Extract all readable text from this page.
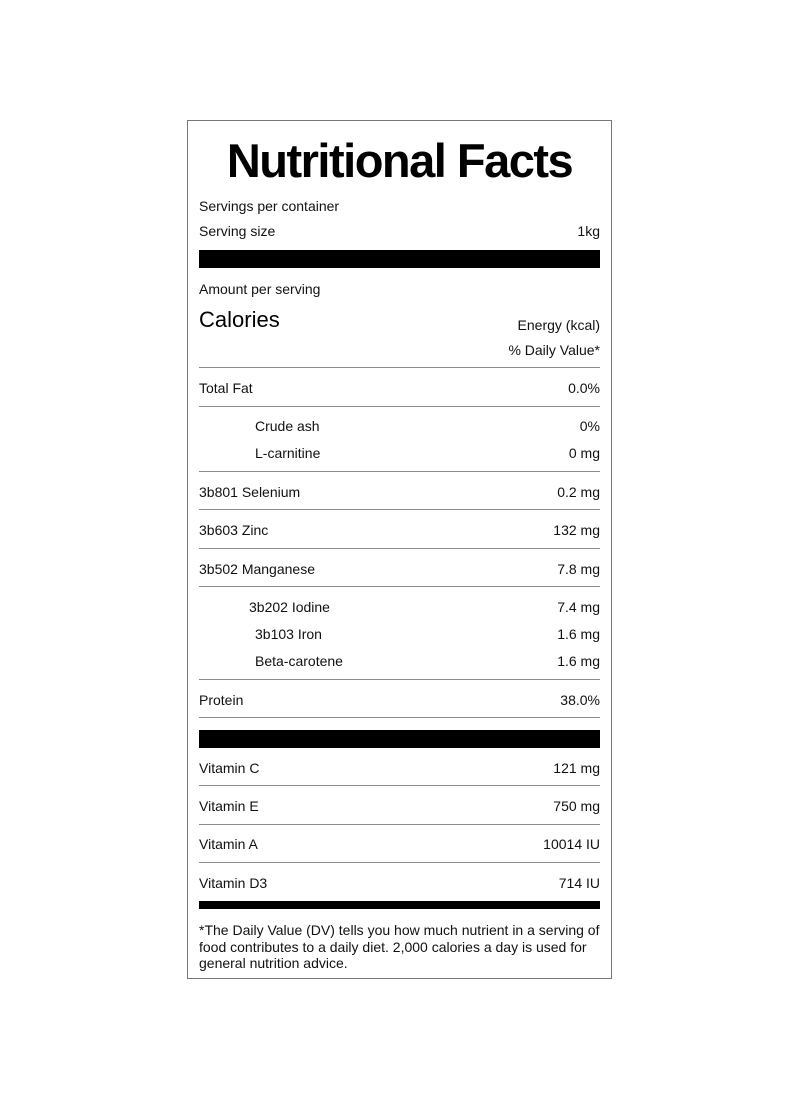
Nutritional Facts
Servings per container
Serving size	1kg
Amount per serving
Calories	Energy (kcal)
% Daily Value*
Total Fat	0.0%
Crude ash	0%
L-carnitine	0 mg
3b801 Selenium	0.2 mg
3b603 Zinc	132 mg
3b502 Manganese	7.8 mg
3b202 Iodine	7.4 mg
3b103 Iron	1.6 mg
Beta-carotene	1.6 mg
Protein	38.0%
Vitamin C	121 mg
Vitamin E	750 mg
Vitamin A	10014 IU
Vitamin D3	714 IU
*The Daily Value (DV) tells you how much nutrient in a serving of food contributes to a daily diet. 2,000 calories a day is used for general nutrition advice.
